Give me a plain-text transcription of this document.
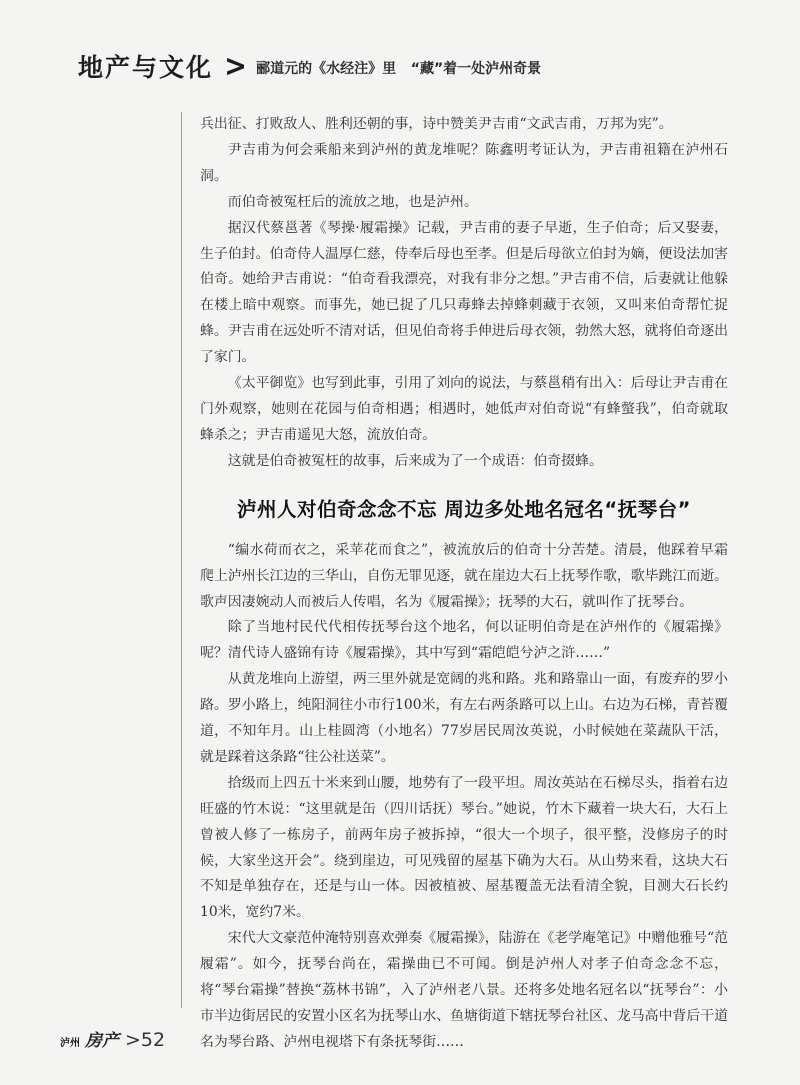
地产与文化 > 郦道元的《水经注》里   “藏”着一处泸州奇景

兵出征、打败敌人、胜利还朝的事，诗中赞美尹吉甫“文武吉甫，万邦为宪”。

尹吉甫为何会乘船来到泸州的黄龙堆呢？陈鑫明考证认为，尹吉甫祖籍在泸州石洞。

而伯奇被冤枉后的流放之地，也是泸州。

据汉代蔡邕著《琴操·履霜操》记载，尹吉甫的妻子早逝，生子伯奇；后又娶妻，生子伯封。伯奇侍人温厚仁慈，侍奉后母也至孝。但是后母欲立伯封为嫡，便设法加害伯奇。她给尹吉甫说：“伯奇看我漂亮，对我有非分之想。”尹吉甫不信，后妻就让他躲在楼上暗中观察。而事先，她已捉了几只毒蜂去掉蜂刺藏于衣领，又叫来伯奇帮忙捉蜂。尹吉甫在远处听不清对话，但见伯奇将手伸进后母衣领，勃然大怒，就将伯奇逐出了家门。

《太平御览》也写到此事，引用了刘向的说法，与蔡邕稍有出入：后母让尹吉甫在门外观察，她则在花园与伯奇相遇；相遇时，她低声对伯奇说“有蜂螫我”，伯奇就取蜂杀之；尹吉甫遥见大怒，流放伯奇。

这就是伯奇被冤枉的故事，后来成为了一个成语：伯奇掇蜂。

泸州人对伯奇念念不忘 周边多处地名冠名“抚琴台”

“编水荷而衣之，采苹花而食之”，被流放后的伯奇十分苦楚。清晨，他踩着早霜爬上泸州长江边的三华山，自伤无罪见逐，就在崖边大石上抚琴作歌，歌毕跳江而逝。歌声因凄婉动人而被后人传唱，名为《履霜操》；抚琴的大石，就叫作了抚琴台。

除了当地村民代代相传抚琴台这个地名，何以证明伯奇是在泸州作的《履霜操》呢？清代诗人盛锦有诗《履霜操》，其中写到“霜皑皑兮泸之浒……”

从黄龙堆向上游望，两三里外就是宽阔的兆和路。兆和路靠山一面，有废弃的罗小路。罗小路上，纯阳洞往小市行100米，有左右两条路可以上山。右边为石梯，青苔覆道，不知年月。山上桂圆湾（小地名）77岁居民周汝英说，小时候她在菜蔬队干活，就是踩着这条路“往公社送菜”。

拾级而上四五十米来到山腰，地势有了一段平坦。周汝英站在石梯尽头，指着右边旺盛的竹木说：“这里就是缶（四川话抚）琴台。”她说，竹木下藏着一块大石，大石上曾被人修了一栋房子，前两年房子被拆掉，“很大一个坝子，很平整，没修房子的时候，大家坐这开会”。绕到崖边，可见残留的屋基下确为大石。从山势来看，这块大石不知是单独存在，还是与山一体。因被植被、屋基覆盖无法看清全貌，目测大石长约10米，宽约7米。

宋代大文豪范仲淹特别喜欢弹奏《履霜操》，陆游在《老学庵笔记》中赠他雅号“范履霜”。如今，抚琴台尚在，霜操曲已不可闻。倒是泸州人对孝子伯奇念念不忘，将“琴台霜操”替换“荔林书锦”，入了泸州老八景。还将多处地名冠名以“抚琴台”：小市半边街居民的安置小区名为抚琴山水、鱼塘街道下辖抚琴台社区、龙马高中背后干道名为琴台路、泸州电视塔下有条抚琴街……

泸州 房产 >52
